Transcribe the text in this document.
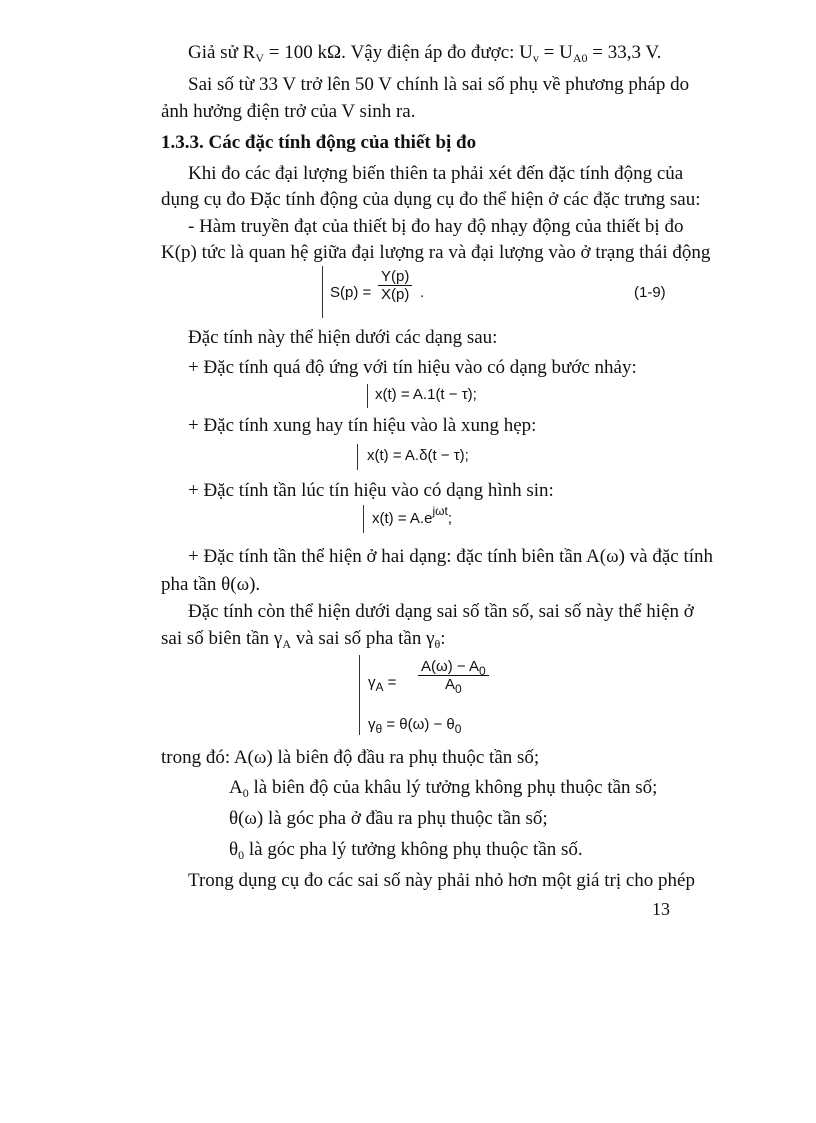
Giả sử $R_V = 100$ kΩ. Vậy điện áp đo được: $U_v = U_{A0} = 33,3$ V.
Sai số từ 33 V trở lên 50 V chính là sai số phụ về phương pháp do
ảnh hưởng điện trở của V sinh ra.
1.3.3. Các đặc tính động của thiết bị đo
Khi đo các đại lượng biến thiên ta phải xét đến đặc tính động của
dụng cụ đo Đặc tính động của dụng cụ đo thể hiện ở các đặc trưng sau:
- Hàm truyền đạt của thiết bị đo hay độ nhạy động của thiết bị đo
K(p) tức là quan hệ giữa đại lượng ra và đại lượng vào ở trạng thái động
$S(p) = \frac{Y(p)}{X(p)}$ .	(1-9)
Đặc tính này thể hiện dưới các dạng sau:
+ Đặc tính quá độ ứng với tín hiệu vào có dạng bước nhảy:
x(t) = A.1(t − τ);
+ Đặc tính xung hay tín hiệu vào là xung hẹp:
x(t) = A.δ(t − τ);
+ Đặc tính tần lúc tín hiệu vào có dạng hình sin:
$x(t) = A.e^{j\omega t}$;
+ Đặc tính tần thể hiện ở hai dạng: đặc tính biên tần A(ω) và đặc tính
pha tần θ(ω).
Đặc tính còn thể hiện dưới dạng sai số tần số, sai số này thể hiện ở
sai số biên tần $\gamma_A$ và sai số pha tần $\gamma_\theta$:
$\gamma_A = \frac{A(\omega) - A_0}{A_0}$
$\gamma_\theta = \theta(\omega) - \theta_0$
trong đó: A(ω) là biên độ đầu ra phụ thuộc tần số;
$A_0$ là biên độ của khâu lý tưởng không phụ thuộc tần số;
θ(ω) là góc pha ở đầu ra phụ thuộc tần số;
$\theta_0$ là góc pha lý tưởng không phụ thuộc tần số.
Trong dụng cụ đo các sai số này phải nhỏ hơn một giá trị cho phép
13
